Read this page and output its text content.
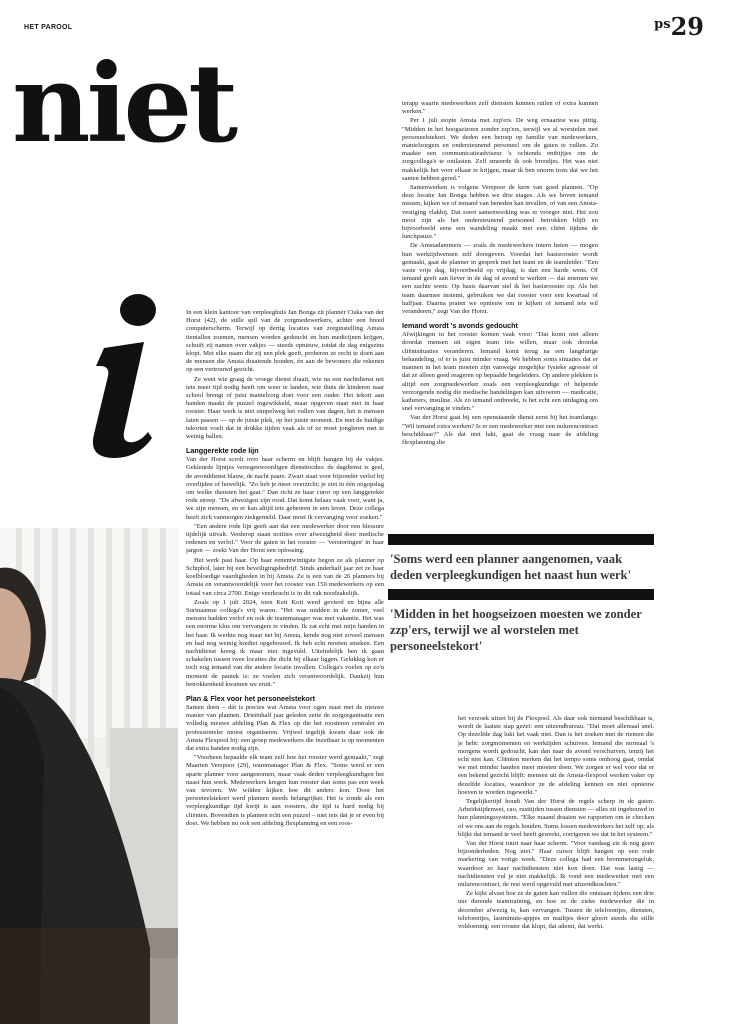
HET PAROOL	$^{ps}$29
niet

In een klein kantoor van verpleeghuis Jan Bonga zit planner Ciska van der Horst (42), de stille spil van de zorgmedewerkers, achter een breed computerscherm. Terwijl op dertig locaties van zorginstelling Amsta tientallen zoemen, mensen worden gedoucht en hun medicijnen krijgen, schuift zij namen over vakjes — steeds opnieuw, totdat de dag enigszins klopt. Met elke naam die zij een plek geeft, proberen ze recht te doen aan de mensen die Amsta draaiende houden, én aan de bewoners die rekenen op een vertrouwd gezicht.

Ze weet wie graag de vroege dienst draait, wie na een nachtdienst net iets meer tijd nodig heeft om weer te landen, wie thuis de kinderen naar school brengt of juist mantelzorg doet voor een ouder. Het tekort aan handen maakt de puzzel ingewikkeld, maar opgeven staat niet in haar rooster. Haar werk is niet simpelweg het vullen van dagen, het is mensen laten passen — op de juiste plek, op het juiste moment. En met de huidige tekorten voelt dat in drukke tijden vaak als of ze moet jongleren met te weinig ballen.

Langgerekte rode lijn

Van der Horst scrolt over haar scherm en blijft hangen bij de vakjes. Gekleurde lijntjes vertegenwoordigen diensttocdes: de dagdienst is geel, de avonddienst blauw, de nacht paars. Zwart staat voor bijzonder verlof bij overlijden of huwelijk. "Zo heb je meer overzicht; je ziet in één oogopslag om welke diensten het gaat." Dan richt ze haar curor op een langgerekte rode streep. "De afwezigen zijn rood. Dat komt helaas vaak voor, want ja, we zijn mensen, en er kan altijd iets gebeuren in een leven. Deze collega heeft zich vanmorgen ziekgemeld. Daar moet ik vervanging voor zoeken."

"Een andere rode lijn geeft aan dat een medewerker door een blessure tijdelijk uitvalt. Verderop staan notities over afwezigheid door medische redenen en verlof." Voor de gaten in het rooster — 'verstoringen' in haar jargon — zoekt Van der Horst een oplossing.

Het werk past haar. Op haar eenentwintigste begon ze als planner op Schiphol, later bij een beveiligingsbedrijf. Sinds anderhalf jaar zet ze haar koelbloedige vaardigheden in bij Amsta. Ze is een van de 26 planners bij Amsta en verantwoordelijk voor het rooster van 150 medewerkers op een totaal van circa 2700. Enige veerkracht is in dit vak noodzakelijk.

Zoals op 1 juli 2024, toen Keti Koti werd gevierd en bijna alle Surinaamse collega's vrij waren. "Het was midden in de zomer, veel mensen hadden verlof en ook de teammanager was met vakantie. Het was een enorme klus om vervangers te vinden. Ik zat echt met mijn handen in het haar. Ik werkte nog maar net bij Amsta, kende nog niet zoveel mensen en had nog weinig krediet opgebouwd. Ik heb echt moeten smeken. Een nachtdienst kreeg ik maar niet ingevuld. Uiteindelijk ben ik gaan schakelen tussen twee locaties die dicht bij elkaar liggen. Gelukkig kon er toch nog iemand van die andere locatie invallen. Collega's voelen op zo'n moment de paniek is: ze voelen zich verantwoordelijk. Dankzij hun betrokkenheid kwamen we eruit."

Plan & Flex voor het personeelstekort

Samen doen – dát is precies wat Amsta voor ogen staat met de nieuwe manier van plannen. Drieënhalf jaar geleden zette de zorgorganisatie een volledig nieuwe afdeling Plan & Flex op die het roosteren centraler en professioneler moest organiseren. Vrijwel tegelijk kwam daar ook de Amsta Flexpool bij: een groep medewerkers die inzetbaar is op momenten dat extra handen nodig zijn.

"Voorheen bepaalde elk team zelf hoe het rooster werd gemaakt," zegt Maarten Verspoor (29), teammanager Plan & Flex. "Soms werd er een aparte planner voor aangenomen, maar vaak deden verpleegkundigen het naast hun werk. Medewerkers kregen hun rooster dan soms pas een week van tevoren. We wilden kijken hoe dit anders kon. Door het personeelstekort werd plannen steeds belangrijker. Het is zonde als een verpleegkundige tijd kwijt is aan roosters, die tijd is hard nodig bij cliënten. Bovendien is plannen echt een puzzel – niet iets dat je er even bij doet. We hebben nu ook een afdeling flexplanning en een roos-

terapp waarin medewerkers zelf diensten kunnen ruilen of extra kunnen werken."

Per 1 juli stopte Amsta met zzp'ers. De weg ernaartoe was pittig. "Midden in het hoogseizoen zonder zzp'ers, terwijl we al worstelen met personeelstekort. We deden een beroep op familie van medewerkers, mantelzorgers en ondersteunend personeel om de gaten te vullen. Zo maakte een communicatieadviseur 's ochtends ontbijtjes om de zorgcollega's te ontlasten. Zelf smeerde ik ook broodjes. Het was niet makkelijk het voor elkaar te krijgen, maar ik ben enorm trots dat we het samen hebben gered."

Samenwerken is volgens Verspoor de kern van goed plannen. "Op deze locatie Jan Bonga hebben we drie etages. Als we boven iemand missen, kijken we of iemand van beneden kan invallen, of van een Amsta-vestiging vlakbij. Dat soort samenwerking was er vroeger niet. Het zou mooi zijn als het ondersteunend personeel betrokken blijft en bijvoorbeeld eens een wandeling maakt met een cliënt tijdens de lunchpauze."

De Amstadammers — zoals de medewerkers intern heten — mogen hun werktijdwensen zelf doorgeven. Voordat het basisrooster wordt gemaakt, gaat de planner in gesprek met het team en de teamleider. "Een vaste vrije dag, bijvoorbeeld op vrijdag, is dan een harde wens. Of iemand geeft aan liever in de dag of avond te werken — dat noemen we een zachte wens. Op basis daarvan stel ik het basisrooster op. Als het team daarmee instemt, gebruiken we dat rooster voor een kwartaal of halfjaar. Daarna praten we opnieuw om te kijken of iemand iets wil veranderen," zegt Van der Horst.

Iemand wordt 's avonds gedoucht

Afwijkingen in het rooster komen vaak voor: "Dat komt niet alleen doordat mensen uit eigen team iets willen, maar ook doordat cliëntsituaties veranderen. Iemand komt terug na een langdurige behandeling, of er is juist minder vraag. We hebben soms situaties dat er mannen in het team moeten zijn vanwege mogelijke fysieke agressie of dat ze alleen goed reageren op bepaalde begeleiders. Op andere plekken is altijd een zorgmedewerker zoals een verpleegkundige of helpende verzorgende nodig die medische handelingen kan uitvoeren — medicatie, katheters, insuline. Als zo iemand ontbreekt, is het echt een uitdaging om snel vervanging te vinden."

Van der Horst gaat bij een openstaande dienst eerst bij het teamlangs: "Wil iemand extra werken? Is er een medewerker met een nulurencontract beschikbaar?" Als dat niet lukt, gaat de vraag naar de afdeling flexplanning die

'Soms werd een planner aangenomen, vaak deden verpleegkundigen het naast hun werk'
'Midden in het hoogseizoen moesten we zonder zzp'ers, terwijl we al worstelen met personeelstekort'

het verzoek uitzet bij de Flexpool. Als daar ook niemand beschikbaar is, wordt de laatste stap gezet: een uitzendbureau. "Dat moet allemaal snel. Op dezelfde dag lukt het vaak niet. Dan is het zoeken met de riemen die je hebt: zorgmomenten en werktijden schuiven. Iemand die normaal 's morgens wordt gedoucht, kan dan naar de avond verschuiven, tenzij het echt niet kan. Cliënten merken dat het tempo soms omhoog gaat, omdat we met minder handen meer moeten doen. We zorgen er wel voor dat er een bekend gezicht blijft: mensen uit de Amsta-flexpool werken vaker op dezelfde locaties, waardoor ze de afdeling kennen en niet opnieuw hoeven te worden ingewerkt."

Tegelijkertijd houdt Van der Horst de regels scherp in de gaten: Arbeidstijdenwet, cao, rusttijden tussen diensten — alles zit ingebouwd in hun planningssysteem. "Elke maand draaien we rapporten om te checken of we ons aan de regels houden. Soms lossen medewerkers het zelf op; als blijkt dat iemand te veel heeft gewerkt, corrigeren we dat in het systeem."

Van der Horst tuurt naar haar scherm. "Voor vandaag zie ik nog geen bijzonderheden. Nog niet." Haar cursor blijft hangen op een rode markering van vorige week. "Deze collega had een brommerongeluk, waardoor ze haar nachtdiensten niet kon doen. Dat was lastig — nachtdiensten vul je niet makkelijk. Ik vond een medewerker met een nulurencontract, de rest werd opgevuld met uitzendkrachten."

Ze kijkt alvast hoe ze de gaten kan vullen die ontstaan tijdens een drie uur durende teamtraining, en hoe ze de zieke medewerker die in december afwezig is, kan vervangen. Tussen de telefoontjes, diensten, telefoontjes, lastminute-appjes en mailtjes door gloort steeds die stille voldoening: een rooster dat klopt, dat ademt, dat werkt.
